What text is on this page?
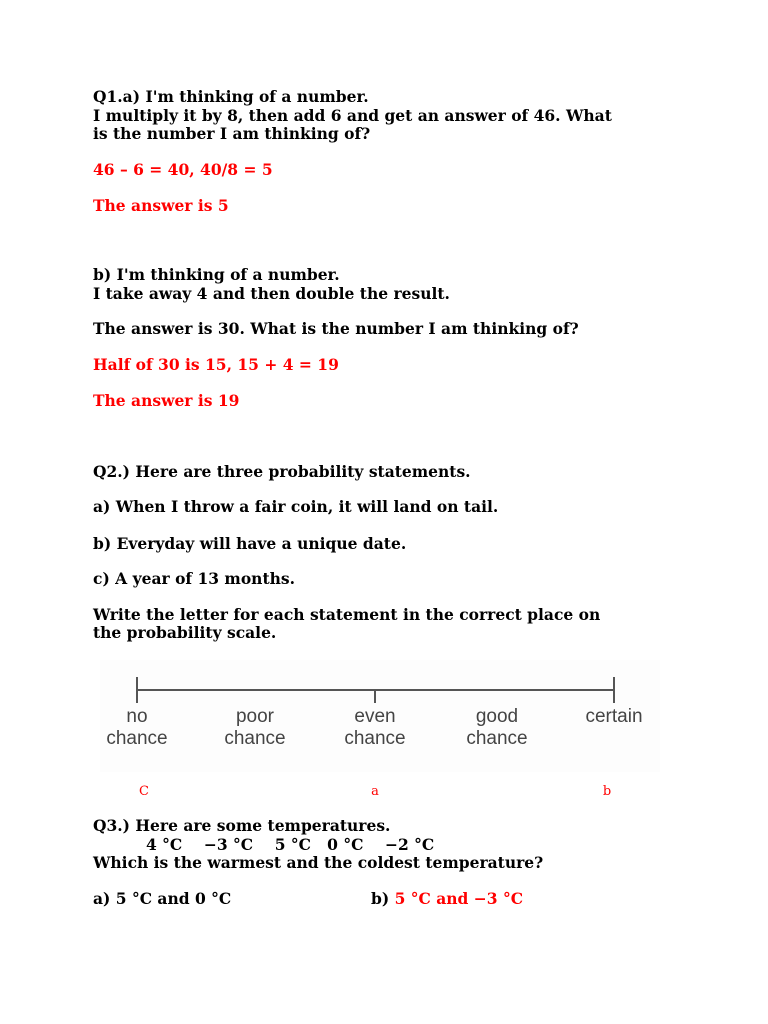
Q1.a) I'm thinking of a number.
I multiply it by 8, then add 6 and get an answer of 46. What
is the number I am thinking of?
46 – 6 = 40, 40/8 = 5
The answer is 5
b) I'm thinking of a number.
I take away 4 and then double the result.
The answer is 30. What is the number I am thinking of?
Half of 30 is 15, 15 + 4 = 19
The answer is 19
Q2.) Here are three probability statements.
a) When I throw a fair coin, it will land on tail.
b) Everyday will have a unique date.
c) A year of 13 months.
Write the letter for each statement in the correct place on
the probability scale.
no
chance
poor
chance
even
chance
good
chance
certain
C	a	b
Q3.) Here are some temperatures.
4 °C    −3 °C    5 °C   0 °C    −2 °C
Which is the warmest and the coldest temperature?
a) 5 °C and 0 °C	b) 5 °C and −3 °C
